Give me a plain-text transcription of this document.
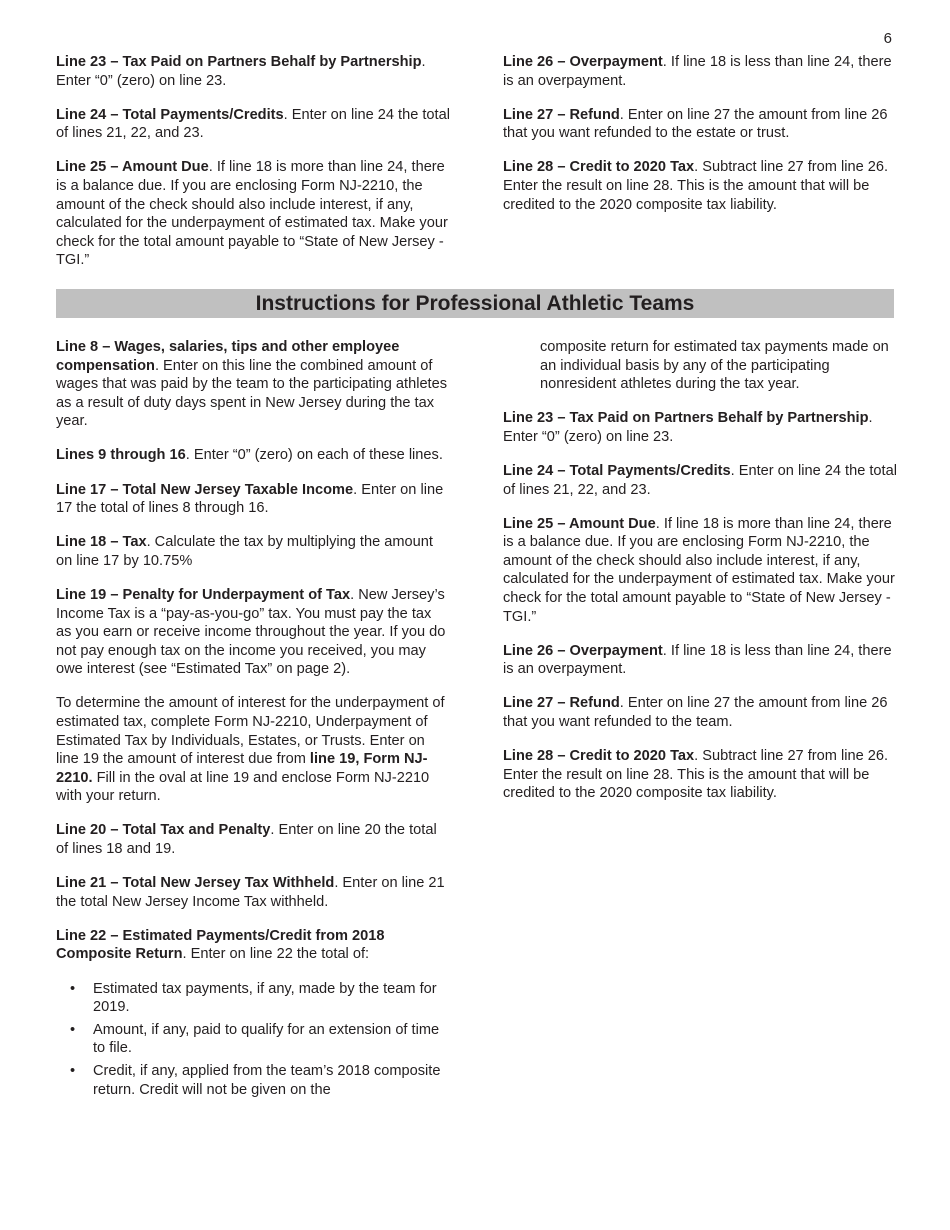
6

Line 23 – Tax Paid on Partners Behalf by Partnership. Enter “0” (zero) on line 23.

Line 24 – Total Payments/Credits. Enter on line 24 the total of lines 21, 22, and 23.

Line 25 – Amount Due. If line 18 is more than line 24, there is a balance due. If you are enclosing Form NJ-2210, the amount of the check should also include interest, if any, calculated for the underpayment of estimated tax. Make your check for the total amount payable to “State of New Jersey - TGI.”

Line 26 – Overpayment. If line 18 is less than line 24, there is an overpayment.

Line 27 – Refund. Enter on line 27 the amount from line 26 that you want refunded to the estate or trust.

Line 28 – Credit to 2020 Tax. Subtract line 27 from line 26. Enter the result on line 28. This is the amount that will be credited to the 2020 composite tax liability.

Instructions for Professional Athletic Teams

Line 8 – Wages, salaries, tips and other employee compensation. Enter on this line the combined amount of wages that was paid by the team to the participating athletes as a result of duty days spent in New Jersey during the tax year.

Lines 9 through 16. Enter “0” (zero) on each of these lines.

Line 17 – Total New Jersey Taxable Income. Enter on line 17 the total of lines 8 through 16.

Line 18 – Tax. Calculate the tax by multiplying the amount on line 17 by 10.75%

Line 19 – Penalty for Underpayment of Tax. New Jersey’s Income Tax is a “pay-as-you-go” tax. You must pay the tax as you earn or receive income throughout the year. If you do not pay enough tax on the income you received, you may owe interest (see “Estimated Tax” on page 2).

To determine the amount of interest for the underpayment of estimated tax, complete Form NJ-2210, Underpayment of Estimated Tax by Individuals, Estates, or Trusts. Enter on line 19 the amount of interest due from line 19, Form NJ-2210. Fill in the oval at line 19 and enclose Form NJ-2210 with your return.

Line 20 – Total Tax and Penalty. Enter on line 20 the total of lines 18 and 19.

Line 21 – Total New Jersey Tax Withheld. Enter on line 21 the total New Jersey Income Tax withheld.

Line 22 – Estimated Payments/Credit from 2018 Composite Return. Enter on line 22 the total of:

• Estimated tax payments, if any, made by the team for 2019.
• Amount, if any, paid to qualify for an extension of time to file.
• Credit, if any, applied from the team’s 2018 composite return. Credit will not be given on the

composite return for estimated tax payments made on an individual basis by any of the participating nonresident athletes during the tax year.

Line 23 – Tax Paid on Partners Behalf by Partnership. Enter “0” (zero) on line 23.

Line 24 – Total Payments/Credits. Enter on line 24 the total of lines 21, 22, and 23.

Line 25 – Amount Due. If line 18 is more than line 24, there is a balance due. If you are enclosing Form NJ-2210, the amount of the check should also include interest, if any, calculated for the underpayment of estimated tax. Make your check for the total amount payable to “State of New Jersey - TGI.”

Line 26 – Overpayment. If line 18 is less than line 24, there is an overpayment.

Line 27 – Refund. Enter on line 27 the amount from line 26 that you want refunded to the team.

Line 28 – Credit to 2020 Tax. Subtract line 27 from line 26. Enter the result on line 28. This is the amount that will be credited to the 2020 composite tax liability.
